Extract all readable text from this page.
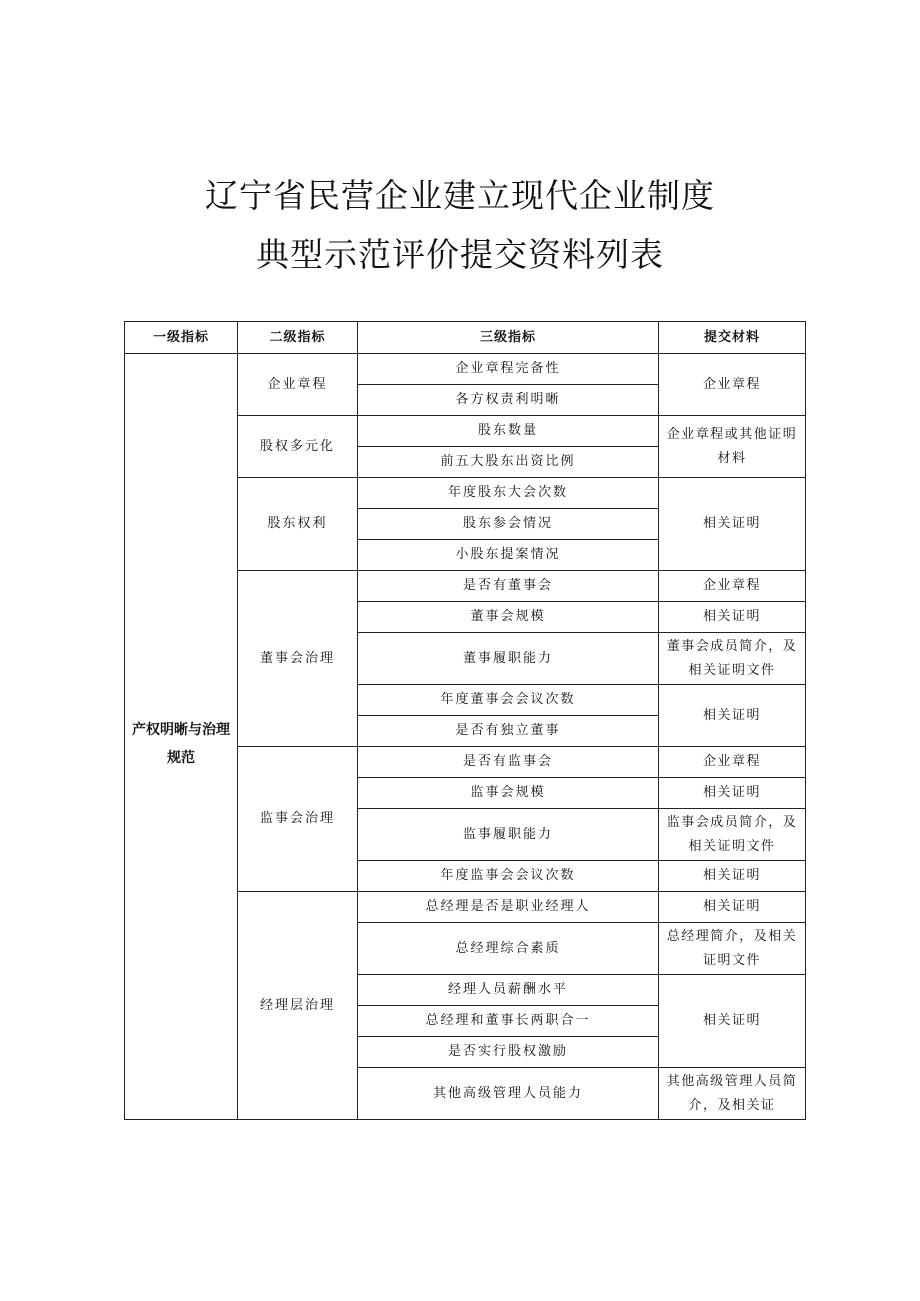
辽宁省民营企业建立现代企业制度
典型示范评价提交资料列表
一级指标	二级指标	三级指标	提交材料
产权明晰与治理规范	企业章程	企业章程完备性	企业章程
		各方权责利明晰	
	股权多元化	股东数量	企业章程或其他证明材料
		前五大股东出资比例	
	股东权利	年度股东大会次数	相关证明
		股东参会情况	
		小股东提案情况	
	董事会治理	是否有董事会	企业章程
		董事会规模	相关证明
		董事履职能力	董事会成员简介，及相关证明文件
		年度董事会会议次数	相关证明
		是否有独立董事	
	监事会治理	是否有监事会	企业章程
		监事会规模	相关证明
		监事履职能力	监事会成员简介，及相关证明文件
		年度监事会会议次数	相关证明
	经理层治理	总经理是否是职业经理人	相关证明
		总经理综合素质	总经理简介，及相关证明文件
		经理人员薪酬水平	相关证明
		总经理和董事长两职合一	
		是否实行股权激励	
		其他高级管理人员能力	其他高级管理人员简介，及相关证
